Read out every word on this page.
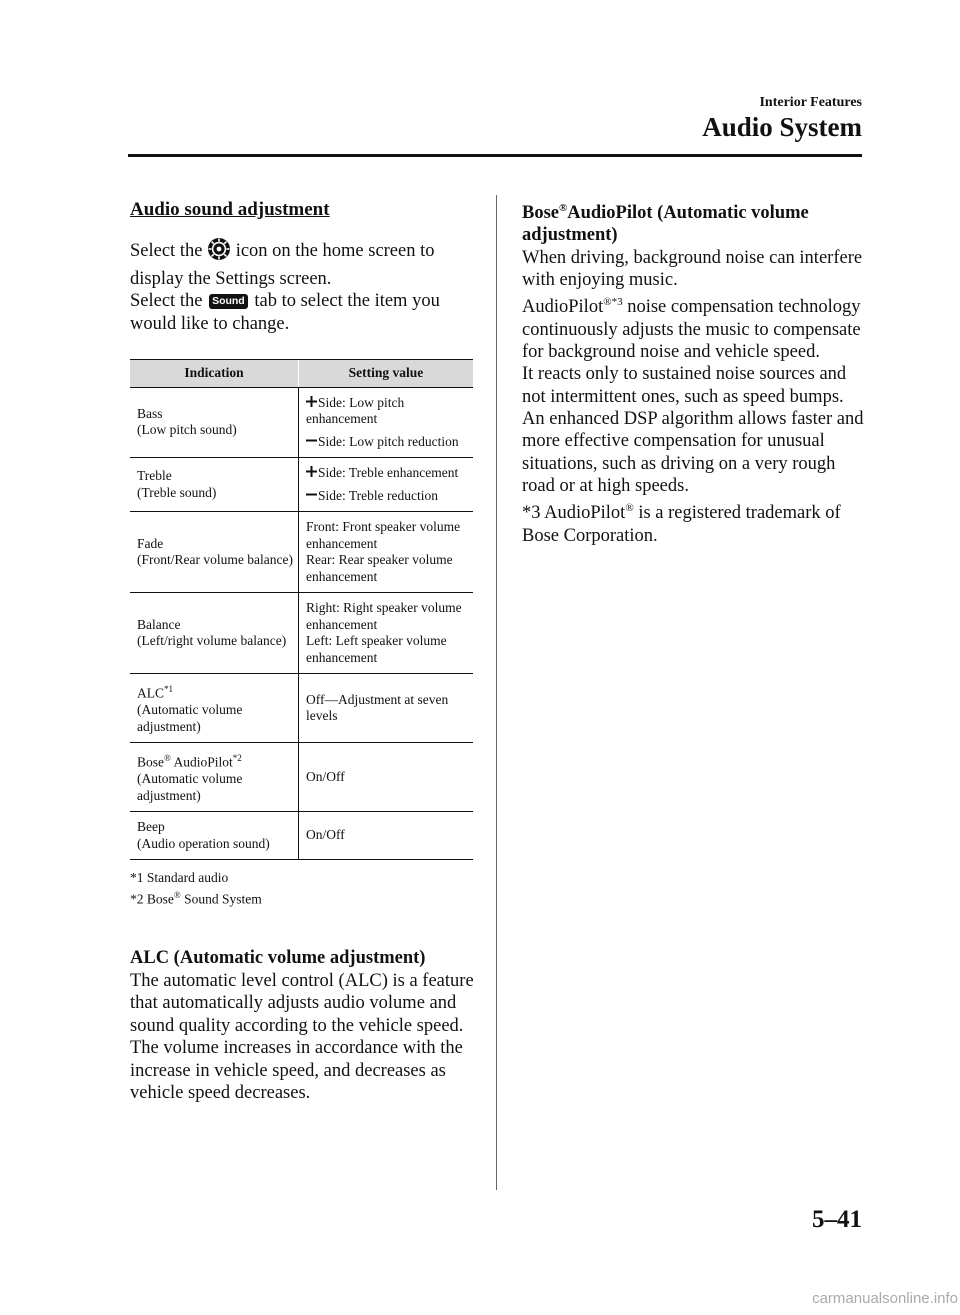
Interior Features
Audio System

Audio sound adjustment

Select the icon on the home screen to display the Settings screen.

Select the Sound tab to select the item you would like to change.

Indication	Setting value

Bass
(Low pitch sound)	Side: Low pitch enhancement
Side: Low pitch reduction

Treble
(Treble sound)	Side: Treble enhancement
Side: Treble reduction

Fade
(Front/Rear volume balance)	Front: Front speaker volume enhancement
Rear: Rear speaker volume enhancement

Balance
(Left/right volume balance)	Right: Right speaker volume enhancement
Left: Left speaker volume enhancement

ALC$^{*1}$
(Automatic volume adjustment)	Off—Adjustment at seven levels

Bose® AudioPilot$^{*2}$
(Automatic volume adjustment)	On/Off

Beep
(Audio operation sound)	On/Off
*1 Standard audio
*2 Bose® Sound System

ALC (Automatic volume adjustment)

The automatic level control (ALC) is a feature that automatically adjusts audio volume and sound quality according to the vehicle speed. The volume increases in accordance with the increase in vehicle speed, and decreases as vehicle speed decreases.

Bose®AudioPilot (Automatic volume adjustment)

When driving, background noise can interfere with enjoying music.

AudioPilot$^{®*3}$ noise compensation technology continuously adjusts the music to compensate for background noise and vehicle speed.

It reacts only to sustained noise sources and not intermittent ones, such as speed bumps.

An enhanced DSP algorithm allows faster and more effective compensation for unusual situations, such as driving on a very rough road or at high speeds.

*3 AudioPilot® is a registered trademark of Bose Corporation.

5–41
carmanualsonline.info
